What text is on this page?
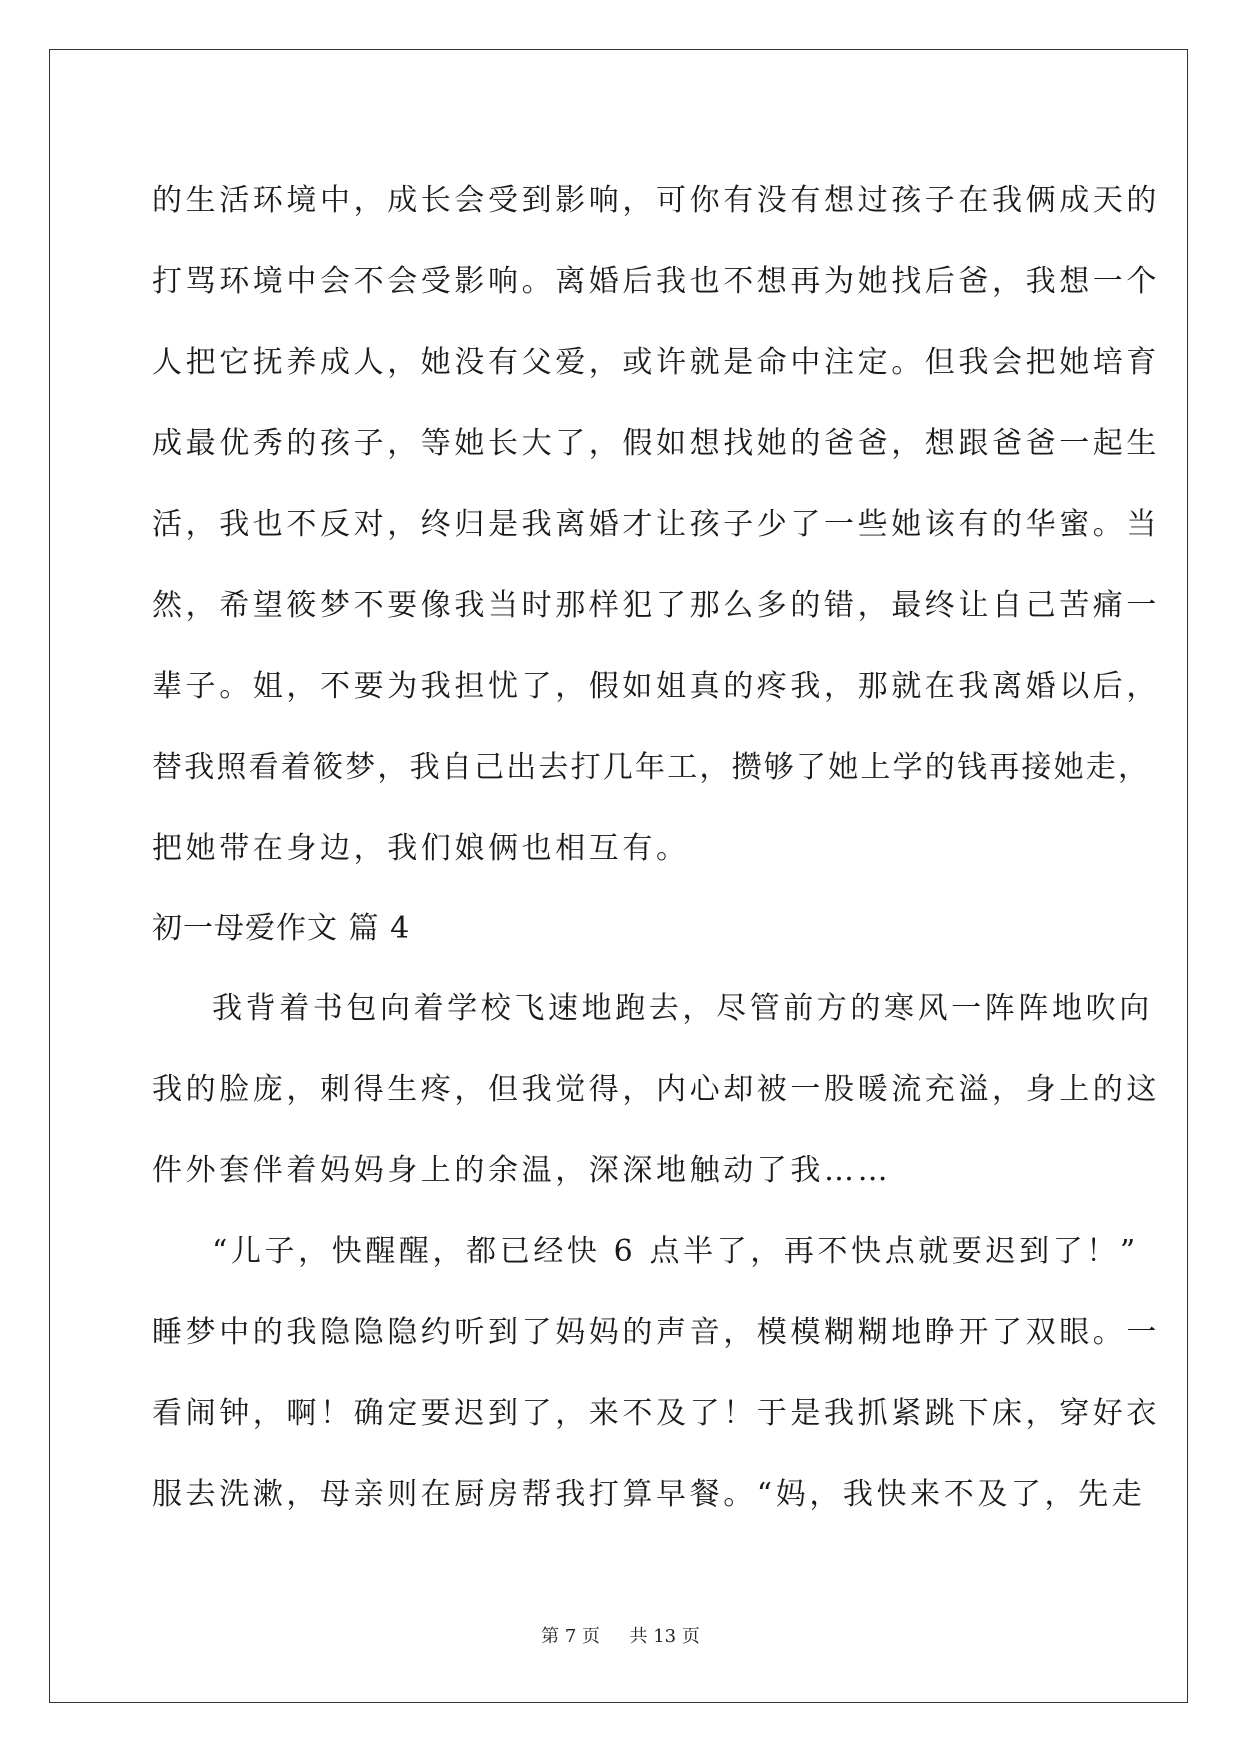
的生活环境中，成长会受到影响，可你有没有想过孩子在我俩成天的
打骂环境中会不会受影响。离婚后我也不想再为她找后爸，我想一个
人把它抚养成人，她没有父爱，或许就是命中注定。但我会把她培育
成最优秀的孩子，等她长大了，假如想找她的爸爸，想跟爸爸一起生
活，我也不反对，终归是我离婚才让孩子少了一些她该有的华蜜。当
然，希望筱梦不要像我当时那样犯了那么多的错，最终让自己苦痛一
辈子。姐，不要为我担忧了，假如姐真的疼我，那就在我离婚以后，
替我照看着筱梦，我自己出去打几年工，攒够了她上学的钱再接她走，
把她带在身边，我们娘俩也相互有。
初一母爱作文 篇 4
我背着书包向着学校飞速地跑去，尽管前方的寒风一阵阵地吹向
我的脸庞，刺得生疼，但我觉得，内心却被一股暖流充溢，身上的这
件外套伴着妈妈身上的余温，深深地触动了我……
“儿子，快醒醒，都已经快 6 点半了，再不快点就要迟到了！”
睡梦中的我隐隐隐约听到了妈妈的声音，模模糊糊地睁开了双眼。一
看闹钟，啊！确定要迟到了，来不及了！于是我抓紧跳下床，穿好衣
服去洗漱，母亲则在厨房帮我打算早餐。“妈，我快来不及了，先走
第 7 页 共 13 页
